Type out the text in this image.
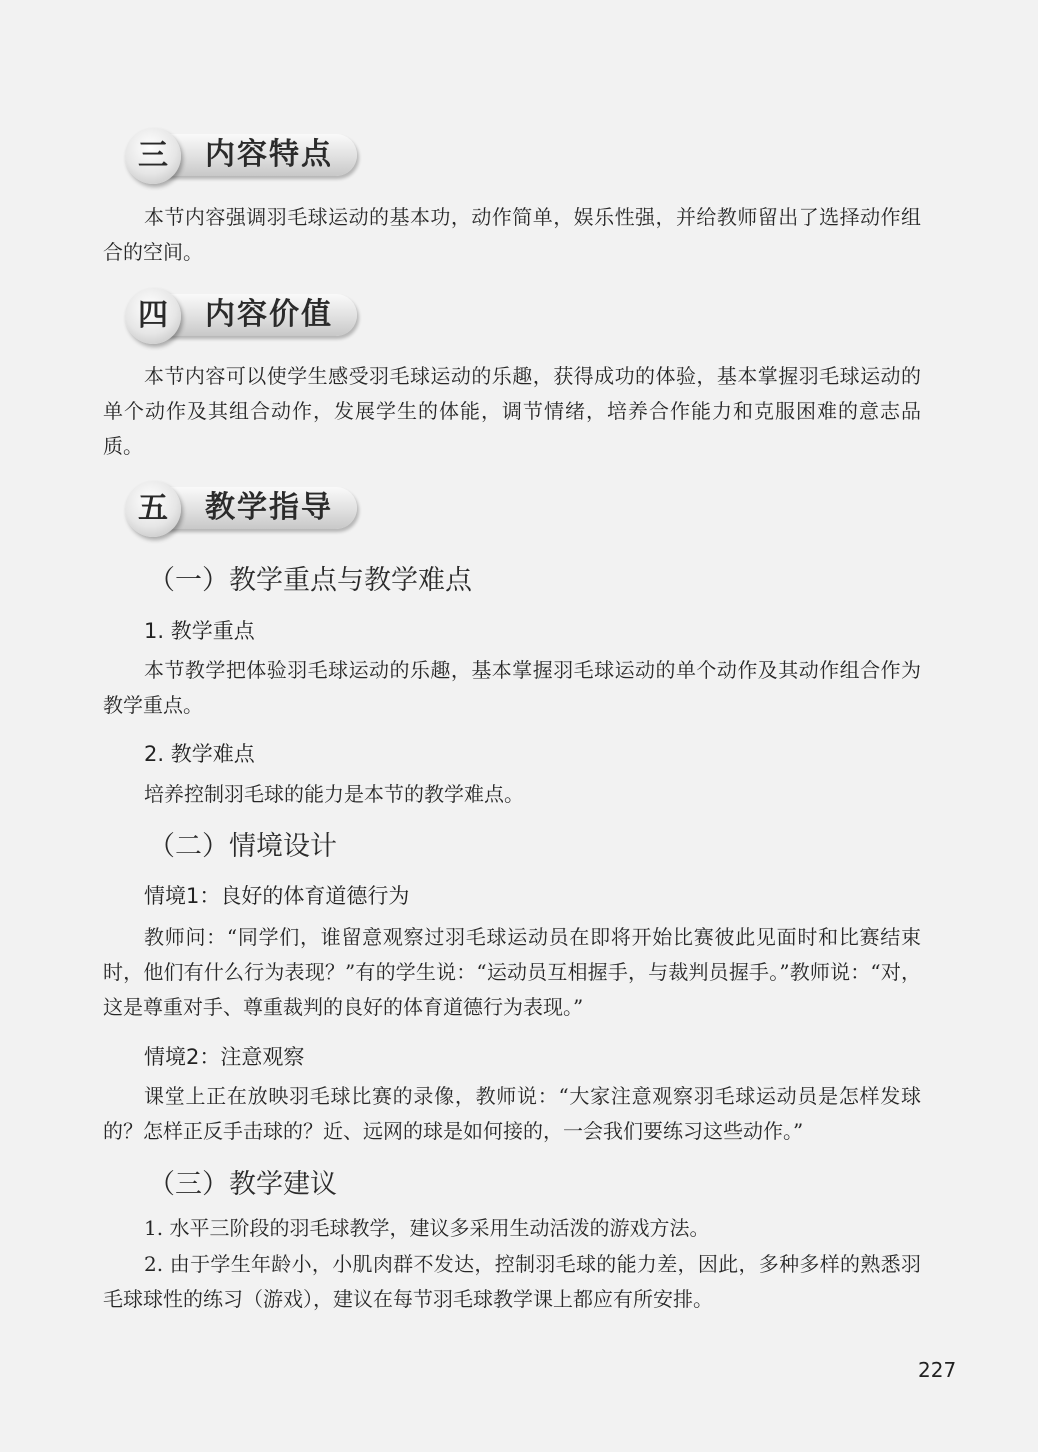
三	内容特点

本节内容强调羽毛球运动的基本功，动作简单，娱乐性强，并给教师留出了选择动作组合的空间。

四	内容价值

本节内容可以使学生感受羽毛球运动的乐趣，获得成功的体验，基本掌握羽毛球运动的单个动作及其组合动作，发展学生的体能，调节情绪，培养合作能力和克服困难的意志品质。

五	教学指导
（一）教学重点与教学难点
1. 教学重点

本节教学把体验羽毛球运动的乐趣，基本掌握羽毛球运动的单个动作及其动作组合作为教学重点。

2. 教学难点

培养控制羽毛球的能力是本节的教学难点。

（二）情境设计
情境1：良好的体育道德行为

教师问：“同学们，谁留意观察过羽毛球运动员在即将开始比赛彼此见面时和比赛结束时，他们有什么行为表现？”有的学生说：“运动员互相握手，与裁判员握手。”教师说：“对，这是尊重对手、尊重裁判的良好的体育道德行为表现。”

情境2：注意观察

课堂上正在放映羽毛球比赛的录像，教师说：“大家注意观察羽毛球运动员是怎样发球的？怎样正反手击球的？近、远网的球是如何接的，一会我们要练习这些动作。”

（三）教学建议

1. 水平三阶段的羽毛球教学，建议多采用生动活泼的游戏方法。

2. 由于学生年龄小，小肌肉群不发达，控制羽毛球的能力差，因此，多种多样的熟悉羽毛球球性的练习（游戏），建议在每节羽毛球教学课上都应有所安排。

227
